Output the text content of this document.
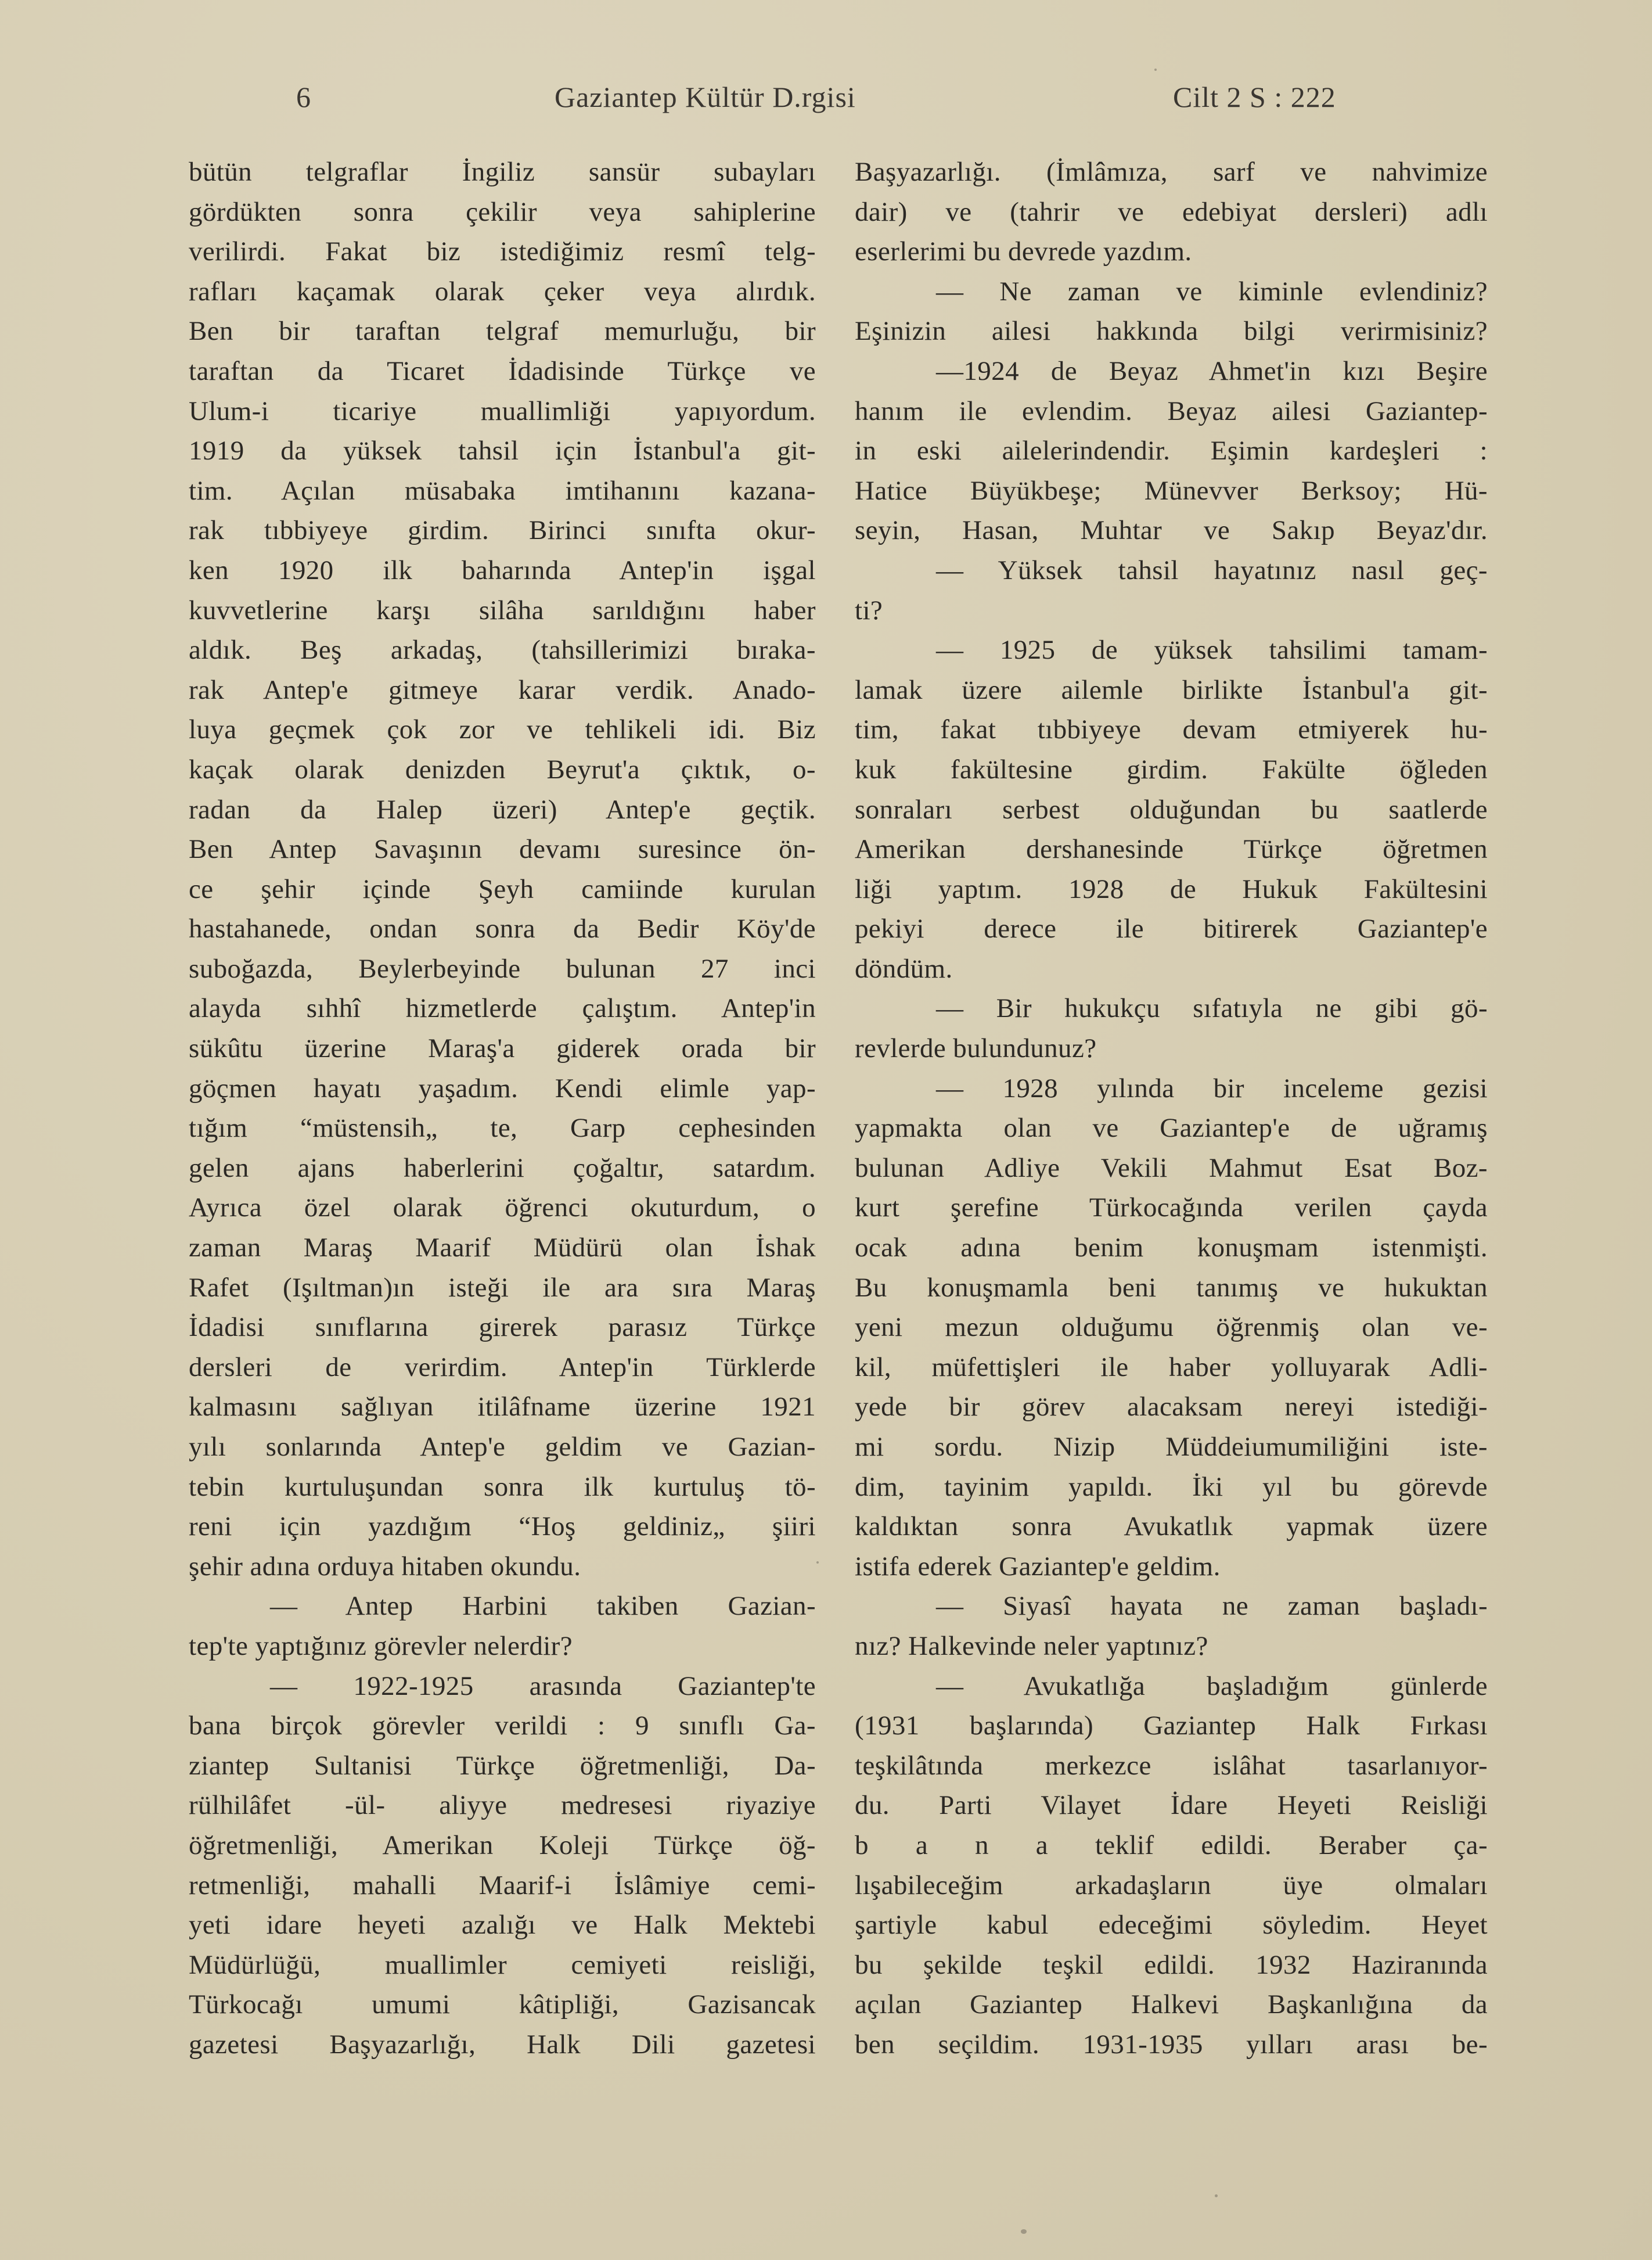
6	Gaziantep Kültür D.rgisi	Cilt 2 S : 222
bütün telgraflar İngiliz sansür subayları
gördükten sonra çekilir veya sahiplerine
verilirdi. Fakat biz istediğimiz resmî telg-
rafları kaçamak olarak çeker veya alırdık.
Ben bir taraftan telgraf memurluğu, bir
taraftan da Ticaret İdadisinde Türkçe ve
Ulum-i ticariye muallimliği yapıyordum.
1919 da yüksek tahsil için İstanbul'a git-
tim. Açılan müsabaka imtihanını kazana-
rak tıbbiyeye girdim. Birinci sınıfta okur-
ken 1920 ilk baharında Antep'in işgal
kuvvetlerine karşı silâha sarıldığını haber
aldık. Beş arkadaş, (tahsillerimizi bıraka-
rak Antep'e gitmeye karar verdik. Anado-
luya geçmek çok zor ve tehlikeli idi. Biz
kaçak olarak denizden Beyrut'a çıktık, o-
radan da Halep üzeri) Antep'e geçtik.
Ben Antep Savaşının devamı suresince ön-
ce şehir içinde Şeyh camiinde kurulan
hastahanede, ondan sonra da Bedir Köy'de
suboğazda, Beylerbeyinde bulunan 27 inci
alayda sıhhî hizmetlerde çalıştım. Antep'in
sükûtu üzerine Maraş'a giderek orada bir
göçmen hayatı yaşadım. Kendi elimle yap-
tığım “müstensih„ te, Garp cephesinden
gelen ajans haberlerini çoğaltır, satardım.
Ayrıca özel olarak öğrenci okuturdum, o
zaman Maraş Maarif Müdürü olan İshak
Rafet (Işıltman)ın isteği ile ara sıra Maraş
İdadisi sınıflarına girerek parasız Türkçe
dersleri de verirdim. Antep'in Türklerde
kalmasını sağlıyan itilâfname üzerine 1921
yılı sonlarında Antep'e geldim ve Gazian-
tebin kurtuluşundan sonra ilk kurtuluş tö-
reni için yazdığım “Hoş geldiniz„ şiiri
şehir adına orduya hitaben okundu.
— Antep Harbini takiben Gazian-
tep'te yaptığınız görevler nelerdir?
— 1922-1925 arasında Gaziantep'te
bana birçok görevler verildi : 9 sınıflı Ga-
ziantep Sultanisi Türkçe öğretmenliği, Da-
rülhilâfet -ül- aliyye medresesi riyaziye
öğretmenliği, Amerikan Koleji Türkçe öğ-
retmenliği, mahalli Maarif-i İslâmiye cemi-
yeti idare heyeti azalığı ve Halk Mektebi
Müdürlüğü, muallimler cemiyeti reisliği,
Türkocağı umumi kâtipliği, Gazisancak
gazetesi Başyazarlığı, Halk Dili gazetesi
Başyazarlığı. (İmlâmıza, sarf ve nahvimize
dair) ve (tahrir ve edebiyat dersleri) adlı
eserlerimi bu devrede yazdım.
— Ne zaman ve kiminle evlendiniz?
Eşinizin ailesi hakkında bilgi verirmisiniz?
—1924 de Beyaz Ahmet'in kızı Beşire
hanım ile evlendim. Beyaz ailesi Gaziantep-
in eski ailelerindendir. Eşimin kardeşleri :
Hatice Büyükbeşe; Münevver Berksoy; Hü-
seyin, Hasan, Muhtar ve Sakıp Beyaz'dır.
— Yüksek tahsil hayatınız nasıl geç-
ti?
— 1925 de yüksek tahsilimi tamam-
lamak üzere ailemle birlikte İstanbul'a git-
tim, fakat tıbbiyeye devam etmiyerek hu-
kuk fakültesine girdim. Fakülte öğleden
sonraları serbest olduğundan bu saatlerde
Amerikan dershanesinde Türkçe öğretmen
liği yaptım. 1928 de Hukuk Fakültesini
pekiyi derece ile bitirerek Gaziantep'e
döndüm.
— Bir hukukçu sıfatıyla ne gibi gö-
revlerde bulundunuz?
— 1928 yılında bir inceleme gezisi
yapmakta olan ve Gaziantep'e de uğramış
bulunan Adliye Vekili Mahmut Esat Boz-
kurt şerefine Türkocağında verilen çayda
ocak adına benim konuşmam istenmişti.
Bu konuşmamla beni tanımış ve hukuktan
yeni mezun olduğumu öğrenmiş olan ve-
kil, müfettişleri ile haber yolluyarak Adli-
yede bir görev alacaksam nereyi istediği-
mi sordu. Nizip Müddeiumumiliğini iste-
dim, tayinim yapıldı. İki yıl bu görevde
kaldıktan sonra Avukatlık yapmak üzere
istifa ederek Gaziantep'e geldim.
— Siyasî hayata ne zaman başladı-
nız? Halkevinde neler yaptınız?
— Avukatlığa başladığım günlerde
(1931 başlarında) Gaziantep Halk Fırkası
teşkilâtında merkezce islâhat tasarlanıyor-
du. Parti Vilayet İdare Heyeti Reisliği
b a n a teklif edildi. Beraber ça-
lışabileceğim arkadaşların üye olmaları
şartiyle kabul edeceğimi söyledim. Heyet
bu şekilde teşkil edildi. 1932 Haziranında
açılan Gaziantep Halkevi Başkanlığına da
ben seçildim. 1931-1935 yılları arası be-
